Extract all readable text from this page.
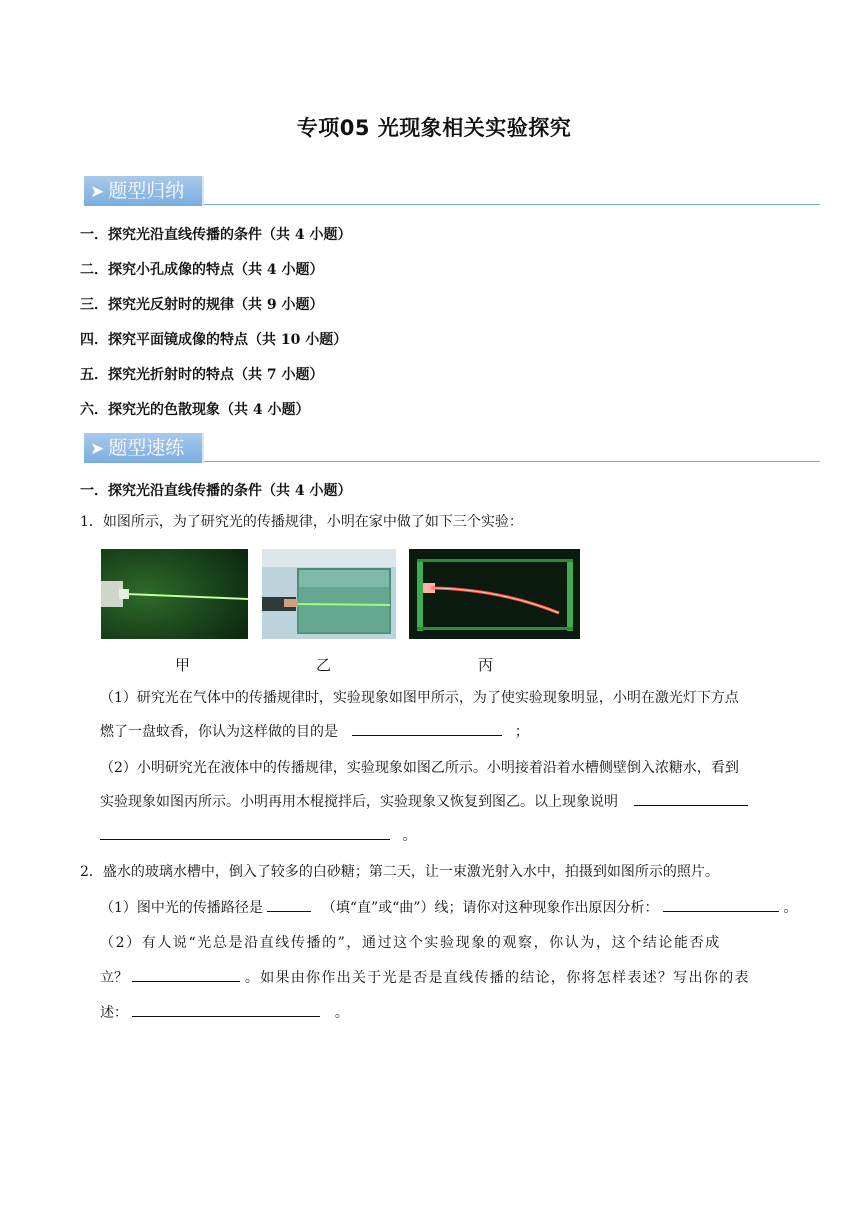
专项05 光现象相关实验探究
➤ 题型归纳
一．探究光沿直线传播的条件（共 4 小题）
二．探究小孔成像的特点（共 4 小题）
三．探究光反射时的规律（共 9 小题）
四．探究平面镜成像的特点（共 10 小题）
五．探究光折射时的特点（共 7 小题）
六．探究光的色散现象（共 4 小题）
➤ 题型速练
一．探究光沿直线传播的条件（共 4 小题）
1．如图所示，为了研究光的传播规律，小明在家中做了如下三个实验：
甲	乙	丙
（1）研究光在气体中的传播规律时，实验现象如图甲所示，为了使实验现象明显，小明在激光灯下方点
燃了一盘蚊香，你认为这样做的目的是	；
（2）小明研究光在液体中的传播规律，实验现象如图乙所示。小明接着沿着水槽侧壁倒入浓糖水，看到
实验现象如图丙所示。小明再用木棍搅拌后，实验现象又恢复到图乙。以上现象说明
。
2．盛水的玻璃水槽中，倒入了较多的白砂糖；第二天，让一束激光射入水中，拍摄到如图所示的照片。
（1）图中光的传播路径是	（填“直”或“曲”）线；请你对这种现象作出原因分析：	。
（2）有人说“光总是沿直线传播的”，通过这个实验现象的观察，你认为，这个结论能否成
立？	。如果由你作出关于光是否是直线传播的结论，你将怎样表述？写出你的表
述：	。
